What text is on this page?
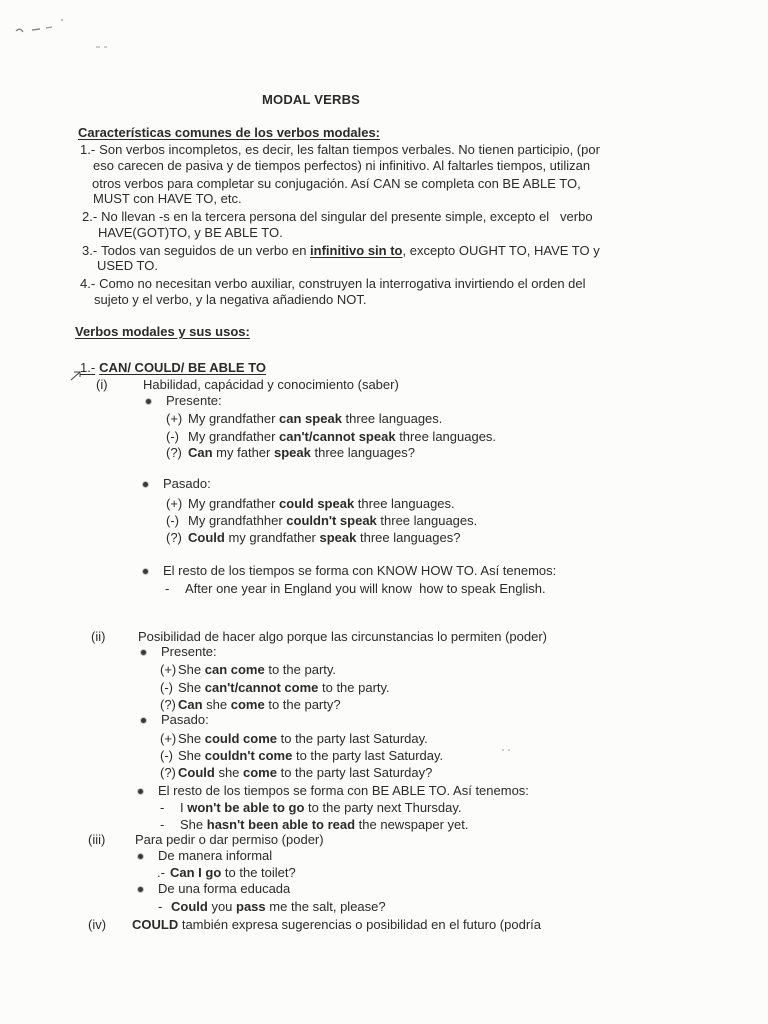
MODAL VERBS
Características comunes de los verbos modales:
1.- Son verbos incompletos, es decir, les faltan tiempos verbales. No tienen participio, (por
eso carecen de pasiva y de tiempos perfectos) ni infinitivo. Al faltarles tiempos, utilizan
otros verbos para completar su conjugación. Así CAN se completa con BE ABLE TO,
MUST con HAVE TO, etc.
2.- No llevan -s en la tercera persona del singular del presente simple, excepto el   verbo
HAVE(GOT)TO, y BE ABLE TO.
3.- Todos van seguidos de un verbo en infinitivo sin to, excepto OUGHT TO, HAVE TO y
USED TO.
4.- Como no necesitan verbo auxiliar, construyen la interrogativa invirtiendo el orden del
sujeto y el verbo, y la negativa añadiendo NOT.
Verbos modales y sus usos:
1.- CAN/ COULD/ BE ABLE TO
(i)	Habilidad, capácidad y conocimiento (saber)
Presente:
(+) My grandfather can speak three languages.
(-) My grandfather can't/cannot speak three languages.
(?) Can my father speak three languages?
Pasado:
(+) My grandfather could speak three languages.
(-) My grandfathher couldn't speak three languages.
(?) Could my grandfather speak three languages?
El resto de los tiempos se forma con KNOW HOW TO. Así tenemos:
- After one year in England you will know  how to speak English.
(ii)	Posibilidad de hacer algo porque las circunstancias lo permiten (poder)
Presente:
(+) She can come to the party.
(-) She can't/cannot come to the party.
(?) Can she come to the party?
Pasado:
(+) She could come to the party last Saturday.
(-) She couldn't come to the party last Saturday.
(?) Could she come to the party last Saturday?
El resto de los tiempos se forma con BE ABLE TO. Así tenemos:
- I won't be able to go to the party next Thursday.
- She hasn't been able to read the newspaper yet.
(iii) Para pedir o dar permiso (poder)
De manera informal
.- Can I go to the toilet?
De una forma educada
- Could you pass me the salt, please?
(iv) COULD también expresa sugerencias o posibilidad en el futuro (podría
